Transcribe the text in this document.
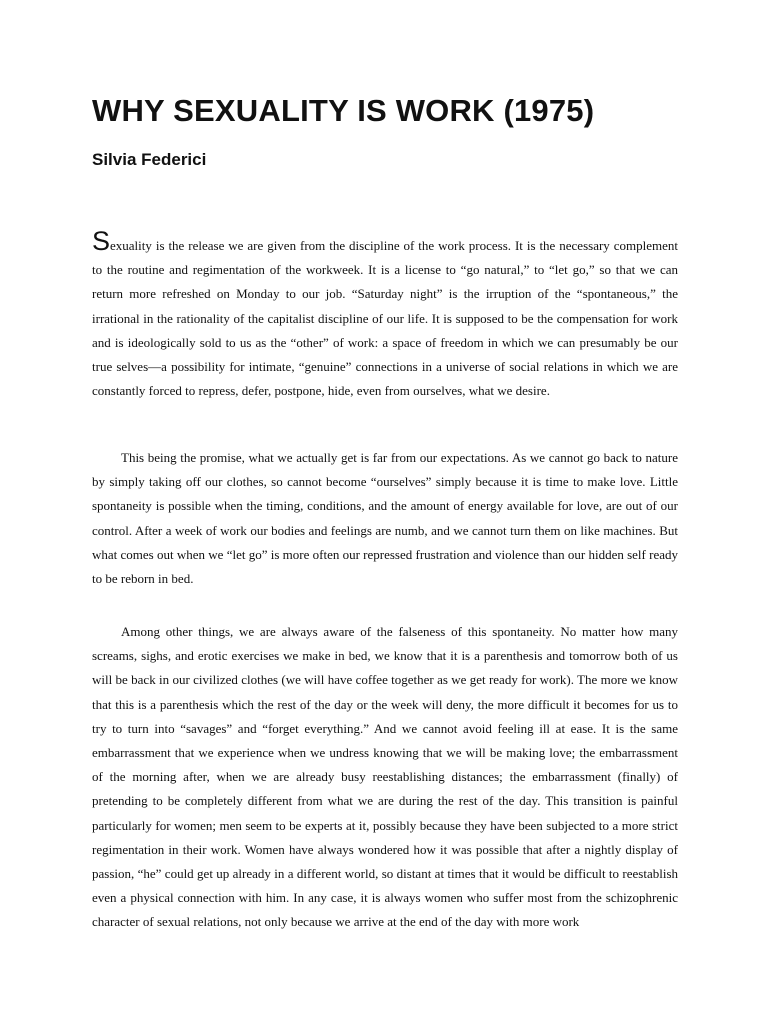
WHY SEXUALITY IS WORK (1975)
Silvia Federici

Sexuality is the release we are given from the discipline of the work process. It is the necessary complement to the routine and regimentation of the workweek. It is a license to “go natural,” to “let go,” so that we can return more refreshed on Monday to our job. “Saturday night” is the irruption of the “spontaneous,” the irrational in the rationality of the capitalist discipline of our life. It is supposed to be the compensation for work and is ideologically sold to us as the “other” of work: a space of freedom in which we can presumably be our true selves—a possibility for intimate, “genuine” connections in a universe of social relations in which we are constantly forced to repress, defer, postpone, hide, even from ourselves, what we desire.

This being the promise, what we actually get is far from our expectations. As we cannot go back to nature by simply taking off our clothes, so cannot become “ourselves” simply because it is time to make love. Little spontaneity is possible when the timing, conditions, and the amount of energy available for love, are out of our control. After a week of work our bodies and feelings are numb, and we cannot turn them on like machines. But what comes out when we “let go” is more often our repressed frustration and violence than our hidden self ready to be reborn in bed.

Among other things, we are always aware of the falseness of this spontaneity. No matter how many screams, sighs, and erotic exercises we make in bed, we know that it is a parenthesis and tomorrow both of us will be back in our civilized clothes (we will have coffee together as we get ready for work). The more we know that this is a parenthesis which the rest of the day or the week will deny, the more difficult it becomes for us to try to turn into “savages” and “forget everything.” And we cannot avoid feeling ill at ease. It is the same embarrassment that we experience when we undress knowing that we will be making love; the embarrassment of the morning after, when we are already busy reestablishing distances; the embarrassment (finally) of pretending to be completely different from what we are during the rest of the day. This transition is painful particularly for women; men seem to be experts at it, possibly because they have been subjected to a more strict regimentation in their work. Women have always wondered how it was possible that after a nightly display of passion, “he” could get up already in a different world, so distant at times that it would be difficult to reestablish even a physical connection with him. In any case, it is always women who suffer most from the schizophrenic character of sexual relations, not only because we arrive at the end of the day with more work
